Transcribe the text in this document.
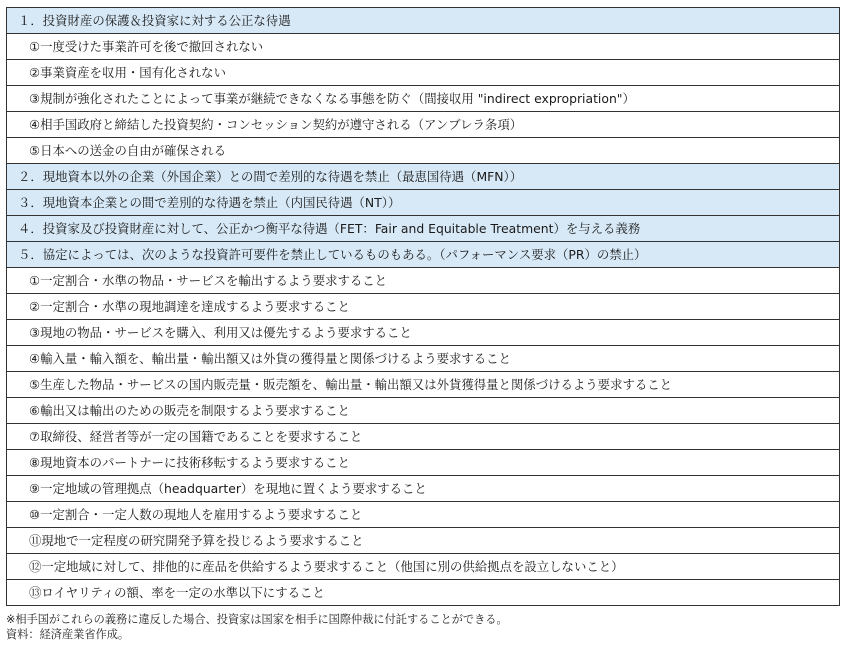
１．投資財産の保護＆投資家に対する公正な待遇
①一度受けた事業許可を後で撤回されない
②事業資産を収用・国有化されない
③規制が強化されたことによって事業が継続できなくなる事態を防ぐ（間接収用 "indirect expropriation"）
④相手国政府と締結した投資契約・コンセッション契約が遵守される（アンブレラ条項）
⑤日本への送金の自由が確保される
２．現地資本以外の企業（外国企業）との間で差別的な待遇を禁止（最恵国待遇（MFN））
３．現地資本企業との間で差別的な待遇を禁止（内国民待遇（NT））
４．投資家及び投資財産に対して、公正かつ衡平な待遇（FET：Fair and Equitable Treatment）を与える義務
５．協定によっては、次のような投資許可要件を禁止しているものもある。（パフォーマンス要求（PR）の禁止）
①一定割合・水準の物品・サービスを輸出するよう要求すること
②一定割合・水準の現地調達を達成するよう要求すること
③現地の物品・サービスを購入、利用又は優先するよう要求すること
④輸入量・輸入額を、輸出量・輸出額又は外貨の獲得量と関係づけるよう要求すること
⑤生産した物品・サービスの国内販売量・販売額を、輸出量・輸出額又は外貨獲得量と関係づけるよう要求すること
⑥輸出又は輸出のための販売を制限するよう要求すること
⑦取締役、経営者等が一定の国籍であることを要求すること
⑧現地資本のパートナーに技術移転するよう要求すること
⑨一定地域の管理拠点（headquarter）を現地に置くよう要求すること
⑩一定割合・一定人数の現地人を雇用するよう要求すること
⑪現地で一定程度の研究開発予算を投じるよう要求すること
⑫一定地域に対して、排他的に産品を供給するよう要求すること（他国に別の供給拠点を設立しないこと）
⑬ロイヤリティの額、率を一定の水準以下にすること
※相手国がこれらの義務に違反した場合、投資家は国家を相手に国際仲裁に付託することができる。
資料：経済産業省作成。
